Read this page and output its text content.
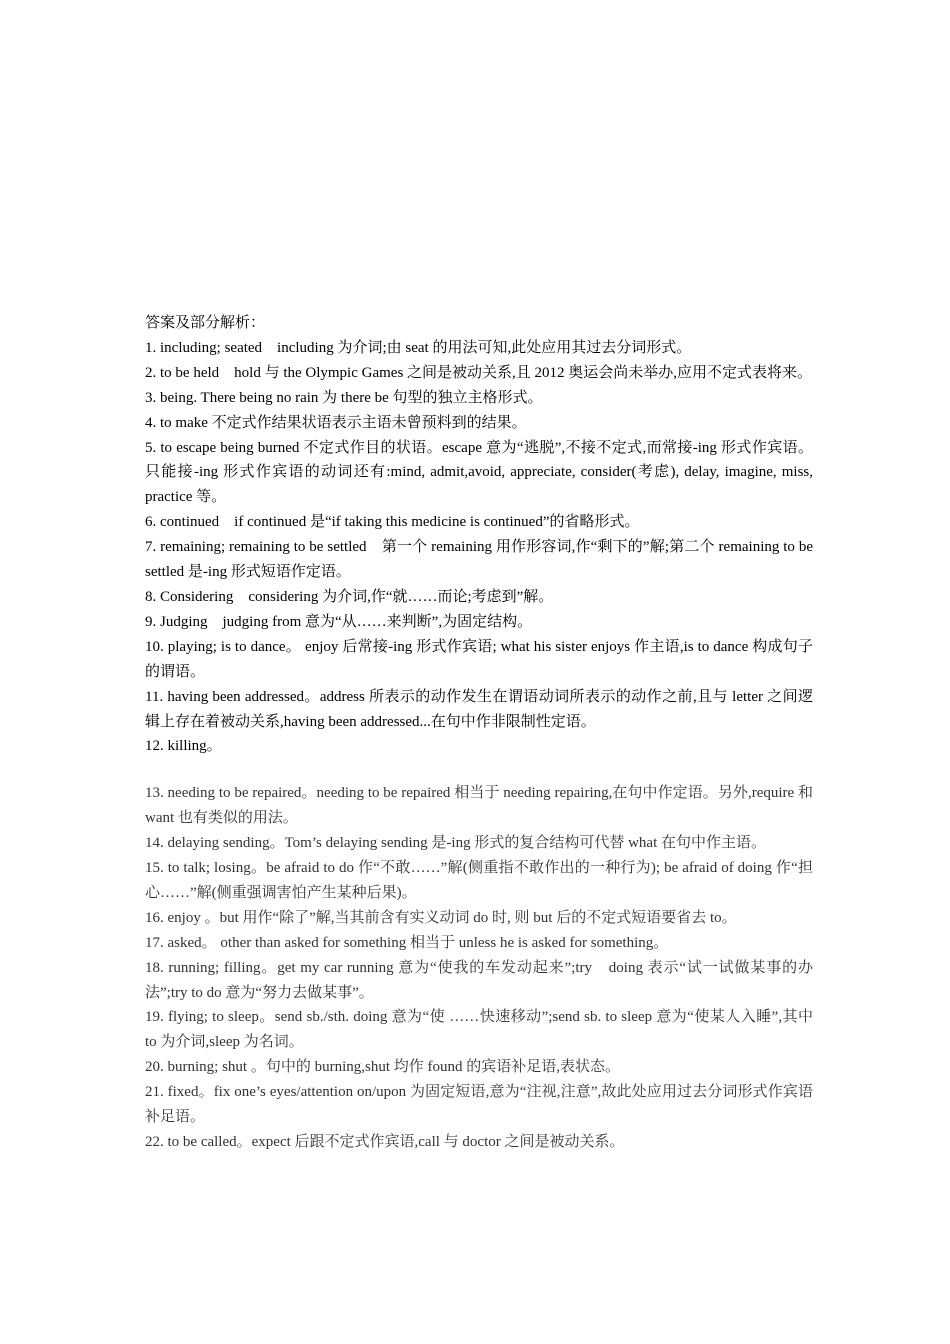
答案及部分解析：

1. including; seated　including 为介词;由 seat 的用法可知,此处应用其过去分词形式。

2. to be held　hold 与 the Olympic Games 之间是被动关系,且 2012 奥运会尚未举办,应用不定式表将来。

3. being. There being no rain 为 there be 句型的独立主格形式。

4. to make 不定式作结果状语表示主语未曾预料到的结果。

5. to escape being burned 不定式作目的状语。escape 意为“逃脱”,不接不定式,而常接-ing 形式作宾语。只能接-ing 形式作宾语的动词还有:mind, admit,avoid, appreciate, consider(考虑), delay, imagine, miss, practice 等。

6. continued　if continued 是“if taking this medicine is continued”的省略形式。

7. remaining; remaining to be settled　第一个 remaining 用作形容词,作“剩下的”解;第二个 remaining to be settled 是-ing 形式短语作定语。

8. Considering　considering 为介词,作“就……而论;考虑到”解。

9. Judging　judging from 意为“从……来判断”,为固定结构。

10. playing; is to dance。 enjoy 后常接-ing 形式作宾语; what his sister enjoys 作主语,is to dance 构成句子的谓语。

11. having been addressed。address 所表示的动作发生在谓语动词所表示的动作之前,且与 letter 之间逻辑上存在着被动关系,having been addressed...在句中作非限制性定语。

12. killing。

13. needing to be repaired。needing to be repaired 相当于 needing repairing,在句中作定语。另外,require 和 want 也有类似的用法。

14. delaying sending。Tom’s delaying sending 是-ing 形式的复合结构可代替 what 在句中作主语。

15. to talk; losing。be afraid to do 作“不敢……”解(侧重指不敢作出的一种行为); be afraid of doing 作“担心……”解(侧重强调害怕产生某种后果)。

16. enjoy 。but 用作“除了”解,当其前含有实义动词 do 时, 则 but 后的不定式短语要省去 to。

17. asked。 other than asked for something 相当于 unless he is asked for something。

18. running; filling。get my car running 意为“使我的车发动起来”;try　doing 表示“试一试做某事的办法”;try to do 意为“努力去做某事”。

19. flying; to sleep。send sb./sth. doing 意为“使 ……快速移动”;send sb. to sleep 意为“使某人入睡”,其中 to 为介词,sleep 为名词。

20. burning; shut 。句中的 burning,shut 均作 found 的宾语补足语,表状态。

21. fixed。fix one’s eyes/attention on/upon 为固定短语,意为“注视,注意”,故此处应用过去分词形式作宾语补足语。

22. to be called。expect 后跟不定式作宾语,call 与 doctor 之间是被动关系。
